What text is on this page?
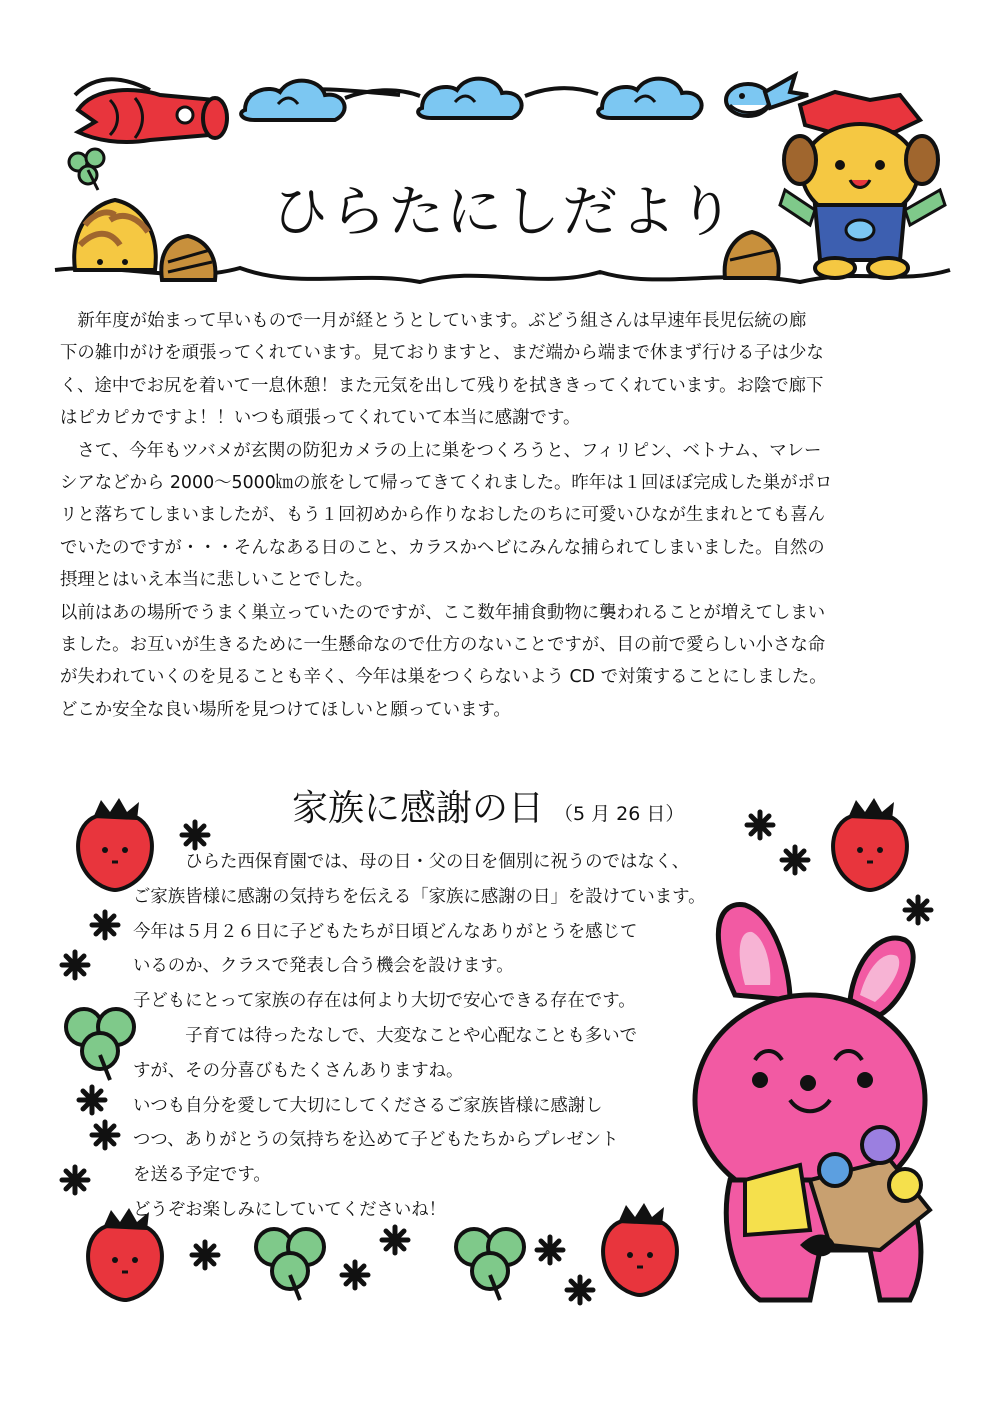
ひらたにしだより
　新年度が始まって早いもので一月が経とうとしています。ぶどう組さんは早速年長児伝統の廊
下の雑巾がけを頑張ってくれています。見ておりますと、まだ端から端まで休まず行ける子は少な
く、途中でお尻を着いて一息休憩！また元気を出して残りを拭ききってくれています。お陰で廊下
はピカピカですよ！！いつも頑張ってくれていて本当に感謝です。
　さて、今年もツバメが玄関の防犯カメラの上に巣をつくろうと、フィリピン、ベトナム、マレー
シアなどから 2000～5000㎞の旅をして帰ってきてくれました。昨年は１回ほぼ完成した巣がポロ
リと落ちてしまいましたが、もう１回初めから作りなおしたのちに可愛いひなが生まれとても喜ん
でいたのですが・・・そんなある日のこと、カラスかヘビにみんな捕られてしまいました。自然の
摂理とはいえ本当に悲しいことでした。
以前はあの場所でうまく巣立っていたのですが、ここ数年捕食動物に襲われることが増えてしまい
ました。お互いが生きるために一生懸命なので仕方のないことですが、目の前で愛らしい小さな命
が失われていくのを見ることも辛く、今年は巣をつくらないよう CD で対策することにしました。
どこか安全な良い場所を見つけてほしいと願っています。
家族に感謝の日 （5 月 26 日）
　　　ひらた西保育園では、母の日・父の日を個別に祝うのではなく、
ご家族皆様に感謝の気持ちを伝える「家族に感謝の日」を設けています。
今年は５月２６日に子どもたちが日頃どんなありがとうを感じて
いるのか、クラスで発表し合う機会を設けます。
子どもにとって家族の存在は何より大切で安心できる存在です。
　　　子育ては待ったなしで、大変なことや心配なことも多いで
すが、その分喜びもたくさんありますね。
いつも自分を愛して大切にしてくださるご家族皆様に感謝し
つつ、ありがとうの気持ちを込めて子どもたちからプレゼント
を送る予定です。
どうぞお楽しみにしていてくださいね！
